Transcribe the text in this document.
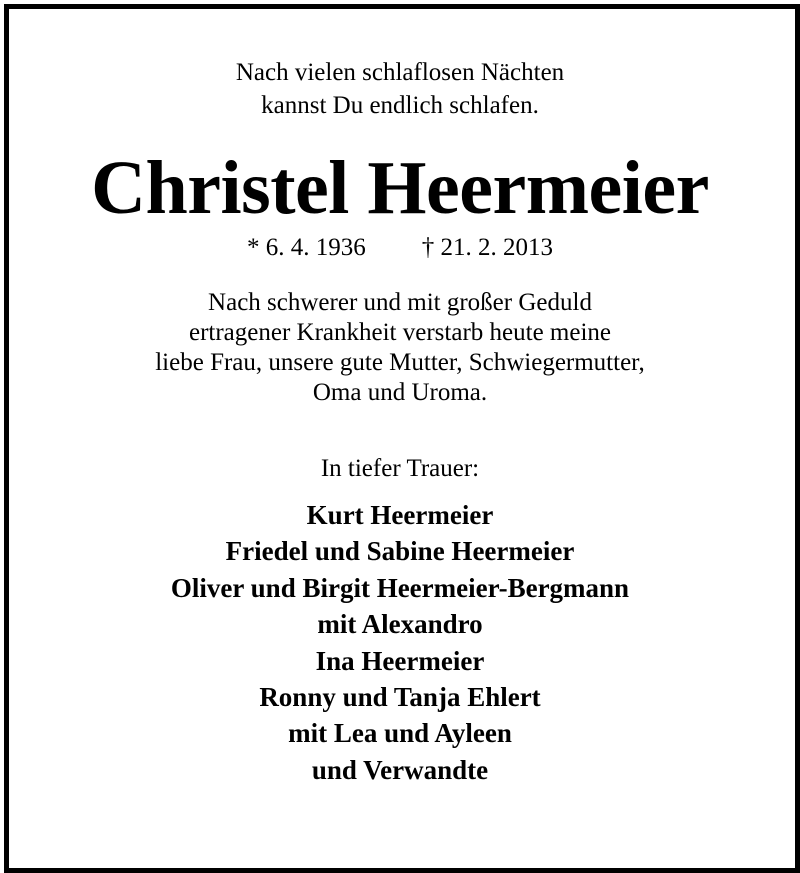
Nach vielen schlaflosen Nächten
kannst Du endlich schlafen.
Christel Heermeier
* 6. 4. 1936 † 21. 2. 2013
Nach schwerer und mit großer Geduld
ertragener Krankheit verstarb heute meine
liebe Frau, unsere gute Mutter, Schwiegermutter,
Oma und Uroma.
In tiefer Trauer:
Kurt Heermeier
Friedel und Sabine Heermeier
Oliver und Birgit Heermeier-Bergmann
mit Alexandro
Ina Heermeier
Ronny und Tanja Ehlert
mit Lea und Ayleen
und Verwandte
